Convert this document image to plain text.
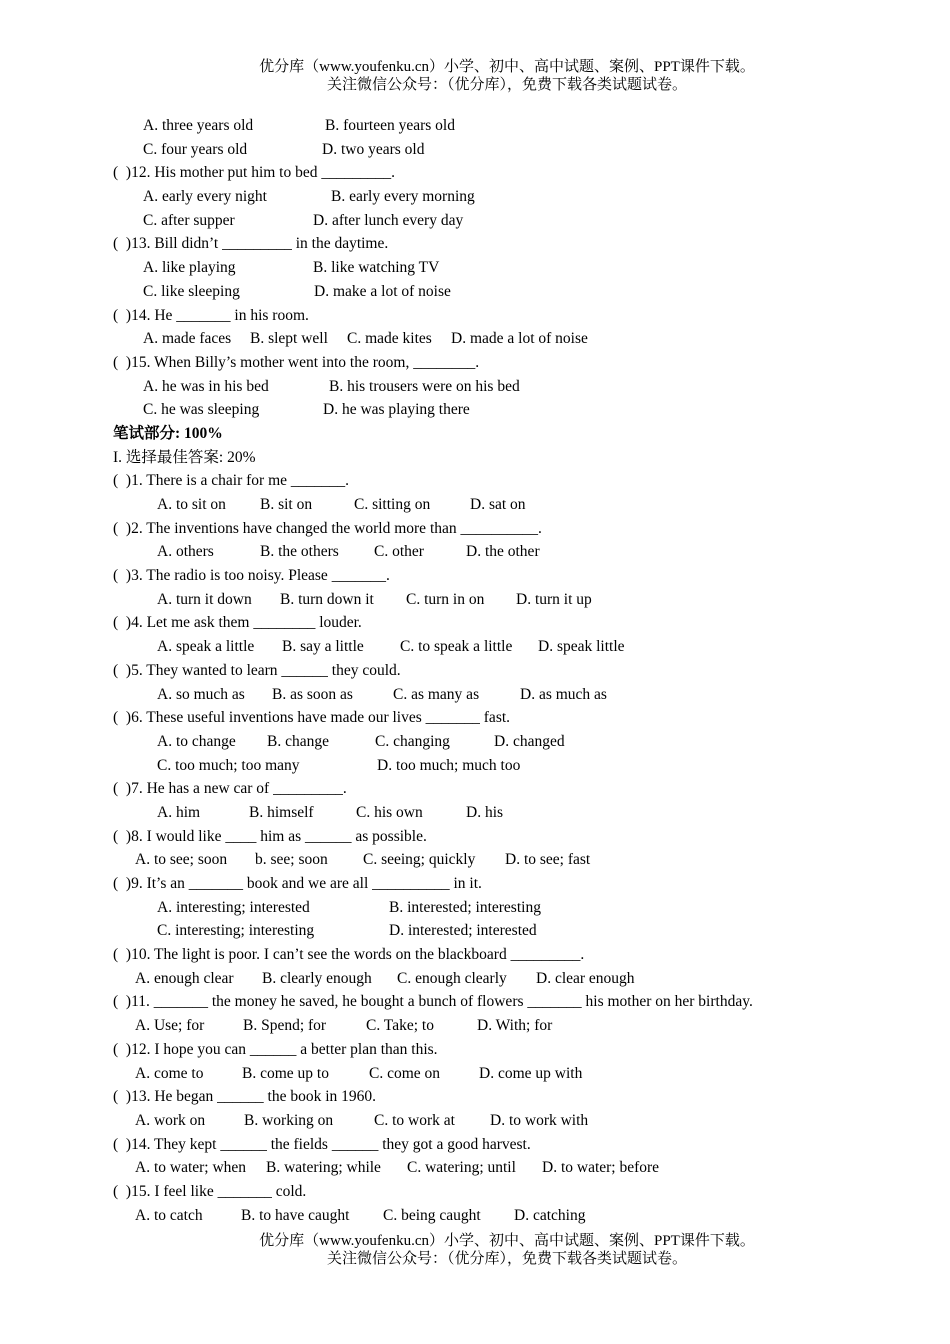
优分库（www.youfenku.cn）小学、初中、高中试题、案例、PPT课件下载。
关注微信公众号：（优分库），免费下载各类试题试卷。
A. three years old	B. fourteen years old
C. four years old	D. two years old
(  )12. His mother put him to bed _________.
A. early every night	B. early every morning
C. after supper	D. after lunch every day
(  )13. Bill didn’t _________ in the daytime.
A. like playing	B. like watching TV
C. like sleeping	D. make a lot of noise
(  )14. He _______ in his room.
A. made faces B. slept well C. made kites D. made a lot of noise
(  )15. When Billy’s mother went into the room, ________.
A. he was in his bed	B. his trousers were on his bed
C. he was sleeping	D. he was playing there
笔试部分: 100%
I. 选择最佳答案: 20%
(  )1. There is a chair for me _______.
A. to sit on B. sit on	C. sitting on	D. sat on
(  )2. The inventions have changed the world more than __________.
A. others	B. the others C. other	D. the other
(  )3. The radio is too noisy. Please _______.
A. turn it down B. turn down it C. turn in on D. turn it up
(  )4. Let me ask them ________ louder.
A. speak a little B. say a little C. to speak a little D. speak little
(  )5. They wanted to learn ______ they could.
A. so much as B. as soon as	C. as many as	D. as much as
(  )6. These useful inventions have made our lives _______ fast.
A. to change B. change	C. changing	D. changed
C. too much; too many	D. too much; much too
(  )7. He has a new car of _________.
A. him	B. himself	C. his own	D. his
(  )8. I would like ____ him as ______ as possible.
A. to see; soon b. see; soon C. seeing; quickly D. to see; fast
(  )9. It’s an _______ book and we are all __________ in it.
A. interesting; interested	B. interested; interesting
C. interesting; interesting	D. interested; interested
(  )10. The light is poor. I can’t see the words on the blackboard _________.
A. enough clear B. clearly enough C. enough clearly D. clear enough
(  )11. _______ the money he saved, he bought a bunch of flowers _______ his mother on her birthday.
A. Use; for B. Spend; for	C. Take; to	D. With; for
(  )12. I hope you can ______ a better plan than this.
A. come to B. come up to	C. come on	D. come up with
(  )13. He began ______ the book in 1960.
A. work on	B. working on	C. to work at D. to work with
(  )14. They kept ______ the fields ______ they got a good harvest.
A. to water; when B. watering; while C. watering; until D. to water; before
(  )15. I feel like _______ cold.
A. to catch B. to have caught C. being caught D. catching
优分库（www.youfenku.cn）小学、初中、高中试题、案例、PPT课件下载。
关注微信公众号：（优分库），免费下载各类试题试卷。
